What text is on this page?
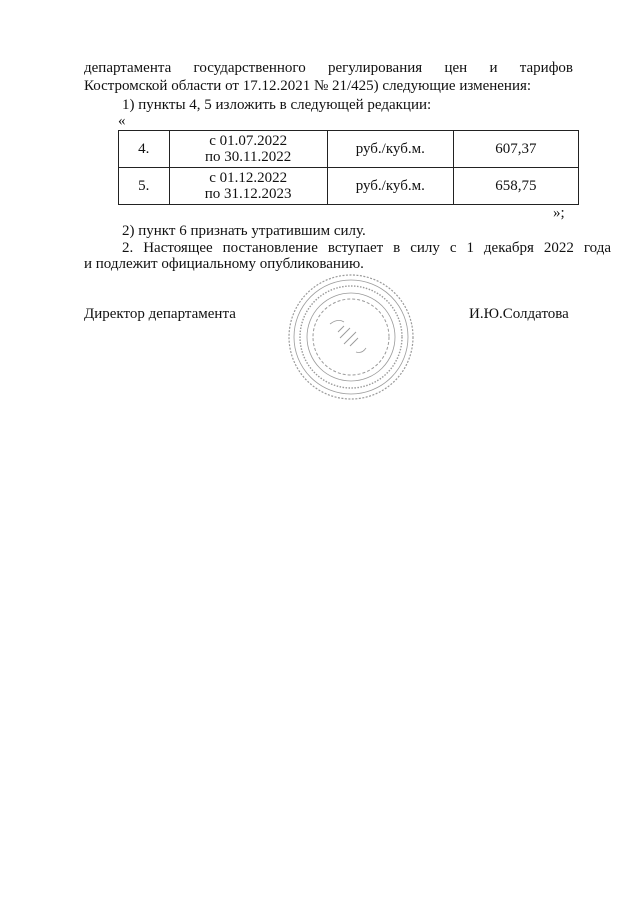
департамента государственного регулирования цен и тарифов
Костромской области от 17.12.2021 № 21/425) следующие изменения:
1) пункты 4, 5 изложить в следующей редакции:
«
4.	с 01.07.2022
по 30.11.2022	руб./куб.м.	607,37
5.	с 01.12.2022
по 31.12.2023	руб./куб.м.	658,75
»;
2) пункт 6 признать утратившим силу.
2. Настоящее постановление вступает в силу с 1 декабря 2022 года
и подлежит официальному опубликованию.
Директор департамента	И.Ю.Солдатова
